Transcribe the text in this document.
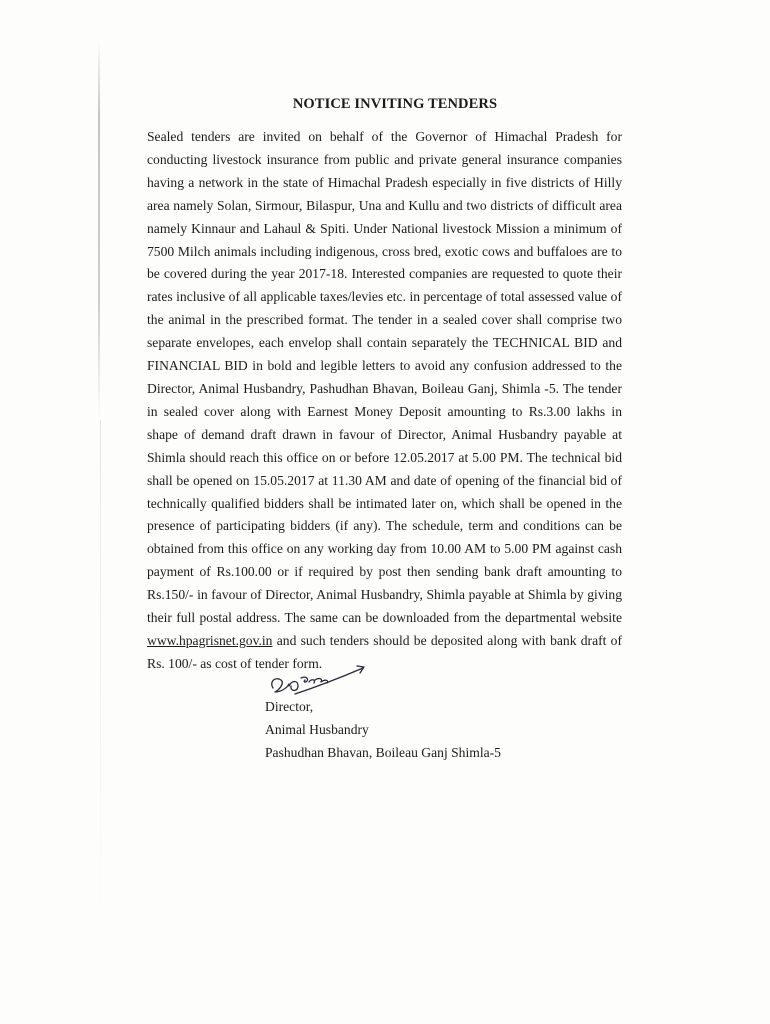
NOTICE INVITING TENDERS
Sealed tenders are invited on behalf of the Governor of Himachal Pradesh for conducting livestock insurance from public and private general insurance companies having a network in the state of Himachal Pradesh especially in five districts of Hilly area namely Solan, Sirmour, Bilaspur, Una and Kullu and two districts of difficult area namely Kinnaur and Lahaul & Spiti. Under National livestock Mission a minimum of 7500 Milch animals including indigenous, cross bred, exotic cows and buffaloes are to be covered during the year 2017-18. Interested companies are requested to quote their rates inclusive of all applicable taxes/levies etc. in percentage of total assessed value of the animal in the prescribed format. The tender in a sealed cover shall comprise two separate envelopes, each envelop shall contain separately the TECHNICAL BID and FINANCIAL BID in bold and legible letters to avoid any confusion addressed to the Director, Animal Husbandry, Pashudhan Bhavan, Boileau Ganj, Shimla -5. The tender in sealed cover along with Earnest Money Deposit amounting to Rs.3.00 lakhs in shape of demand draft drawn in favour of Director, Animal Husbandry payable at Shimla should reach this office on or before 12.05.2017 at 5.00 PM. The technical bid shall be opened on 15.05.2017 at 11.30 AM and date of opening of the financial bid of technically qualified bidders shall be intimated later on, which shall be opened in the presence of participating bidders (if any). The schedule, term and conditions can be obtained from this office on any working day from 10.00 AM to 5.00 PM against cash payment of Rs.100.00 or if required by post then sending bank draft amounting to Rs.150/- in favour of Director, Animal Husbandry, Shimla payable at Shimla by giving their full postal address. The same can be downloaded from the departmental website www.hpagrisnet.gov.in and such tenders should be deposited along with bank draft of Rs. 100/- as cost of tender form.
Director,
Animal Husbandry
Pashudhan Bhavan, Boileau Ganj Shimla-5
